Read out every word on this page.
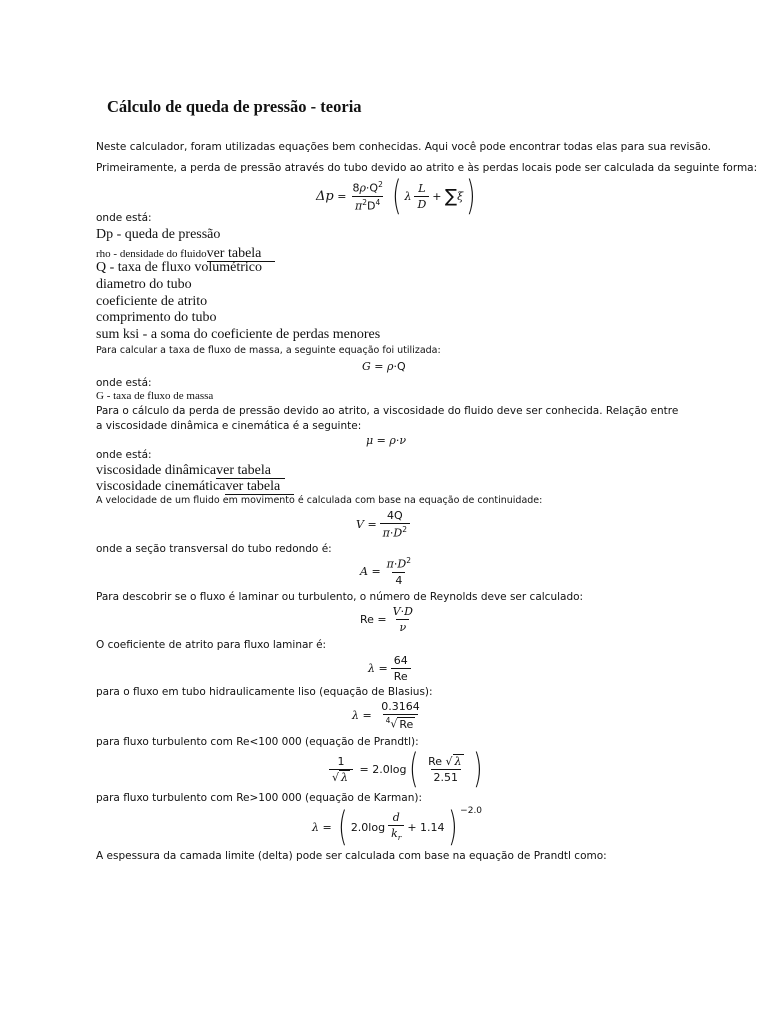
Cálculo de queda de pressão - teoria
Neste calculador, foram utilizadas equações bem conhecidas. Aqui você pode encontrar todas elas para sua revisão.
Primeiramente, a perda de pressão através do tubo devido ao atrito e às perdas locais pode ser calculada da seguinte forma:
$\Delta p = \frac{8\rho\cdot Q^2}{\pi^2D^4}$ ( λ $\frac{L}{D}$ + ∑ ξ )
onde está:
Dp - queda de pressão
rho - densidade do fluidover tabela
Q - taxa de fluxo volumétrico
diametro do tubo
coeficiente de atrito
comprimento do tubo
sum ksi - a soma do coeficiente de perdas menores
Para calcular a taxa de fluxo de massa, a seguinte equação foi utilizada:
G = ρ ·Q
onde está:
G - taxa de fluxo de massa
Para o cálculo da perda de pressão devido ao atrito, a viscosidade do fluido deve ser conhecida. Relação entre
a viscosidade dinâmica e cinemática é a seguinte:
μ = ρ · ν
onde está:
viscosidade dinâmicaver tabela
viscosidade cinemáticaver tabela
A velocidade de um fluido em movimento é calculada com base na equação de continuidade:
$V = \frac{4Q}{\pi\cdot D^2}$
onde a seção transversal do tubo redondo é:
$A = \frac{\pi\cdot D^2}{4}$
Para descobrir se o fluxo é laminar ou turbulento, o número de Reynolds deve ser calculado:
$Re = \frac{V\cdot D}{\nu}$
O coeficiente de atrito para fluxo laminar é:
$\lambda = \frac{64}{Re}$
para o fluxo em tubo hidraulicamente liso (equação de Blasius):
$\lambda = \frac{0.3164}{^4√ Re}$
para fluxo turbulento com Re<100 000 (equação de Prandtl):
$\frac{1}{√ \lambda} = 2.0\log$ ( $\frac{Re √ \lambda}{2.51}$ )
para fluxo turbulento com Re>100 000 (equação de Karman):
λ = ( $2.0\log \frac{d}{k_r} + 1.14$ ) −2.0
A espessura da camada limite (delta) pode ser calculada com base na equação de Prandtl como:
